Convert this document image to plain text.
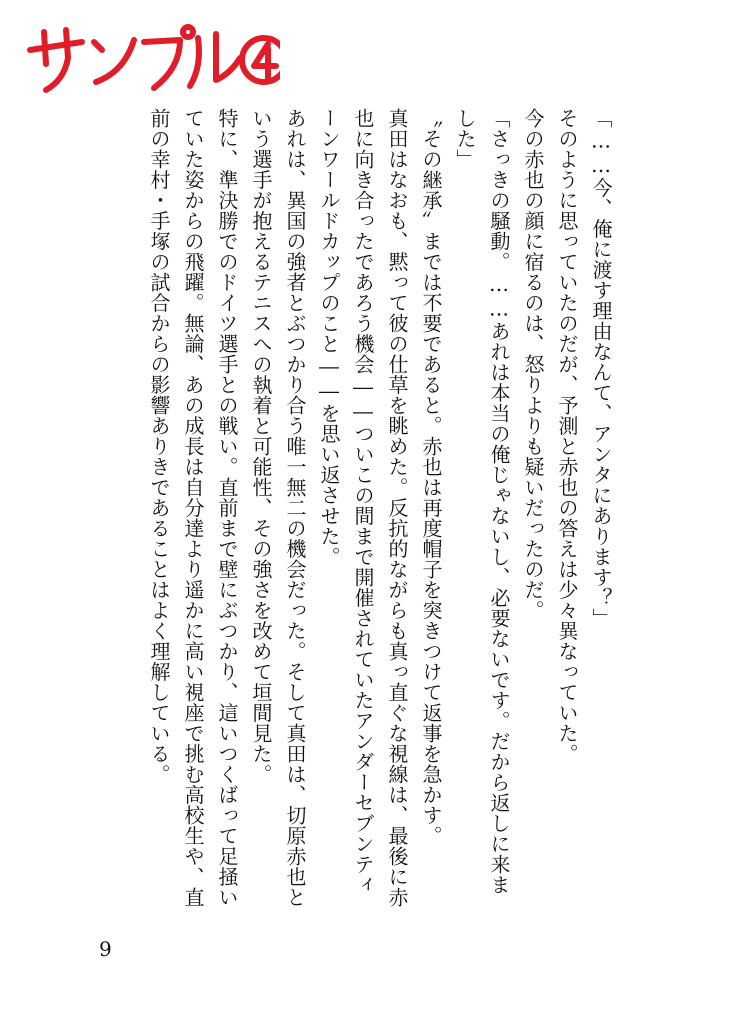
「……今、俺に渡す理由なんて、アンタにあります？」

そのように思っていたのだが、予測と赤也の答えは少々異なっていた。

今の赤也の顔に宿るのは、怒りよりも疑いだったのだ。

「さっきの騒動。……あれは本当の俺じゃないし、必要ないです。だから返しに来ました」

〝その継承〟までは不要であると。赤也は再度帽子を突きつけて返事を急かす。

真田はなおも、黙って彼の仕草を眺めた。反抗的ながらも真っ直ぐな視線は、最後に赤也に向き合ったであろう機会――ついこの間まで開催されていたアンダーセブンティーンワールドカップのこと――を思い返させた。

あれは、異国の強者とぶつかり合う唯一無二の機会だった。そして真田は、切原赤也という選手が抱えるテニスへの執着と可能性、その強さを改めて垣間見た。

特に、準決勝でのドイツ選手との戦い。直前まで壁にぶつかり、這いつくばって足掻いていた姿からの飛躍。無論、あの成長は自分達より遥かに高い視座で挑む高校生や、直前の幸村・手塚の試合からの影響ありきであることはよく理解している。

9
